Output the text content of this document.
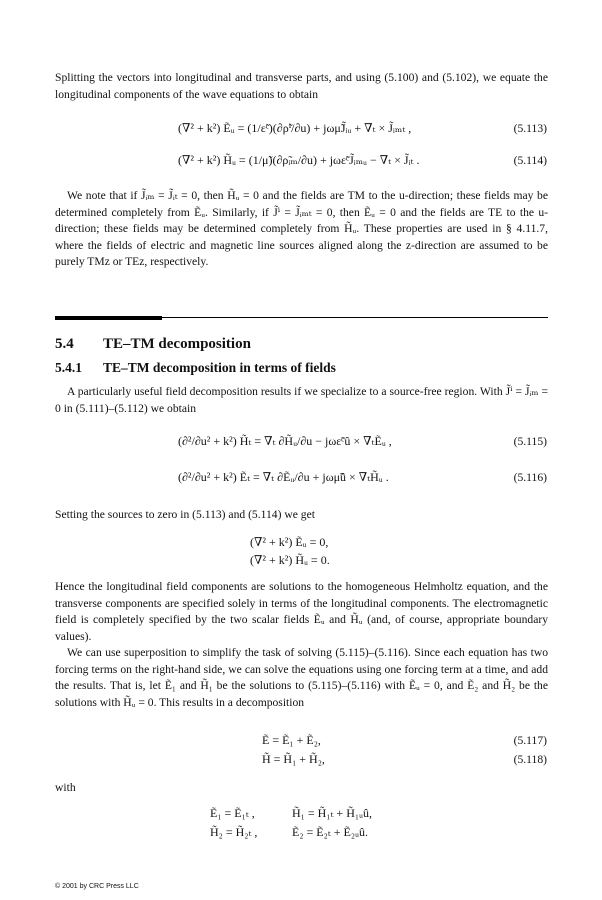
Splitting the vectors into longitudinal and transverse parts, and using (5.100) and (5.102), we equate the longitudinal components of the wave equations to obtain
(∇² + k²) Ẽᵤ = (1/ε̃ᶜ)(∂ρ̃ⁱ/∂u) + jωμ̃J̃ᵢᵤ + ∇ₜ × J̃ᵢₘₜ ,	(5.113)
(∇² + k²) H̃ᵤ = (1/μ̃)(∂ρ̃ᵢₘ/∂u) + jωε̃ᶜJ̃ᵢₘᵤ − ∇ₜ × J̃ᵢₜ .	(5.114)
We note that if J̃ᵢₘ = J̃ᵢₜ = 0, then H̃ᵤ = 0 and the fields are TM to the u-direction; these fields may be determined completely from Ẽᵤ. Similarly, if J̃ⁱ = J̃ᵢₘₜ = 0, then Ẽᵤ = 0 and the fields are TE to the u-direction; these fields may be determined completely from H̃ᵤ. These properties are used in § 4.11.7, where the fields of electric and magnetic line sources aligned along the z-direction are assumed to be purely TMz or TEz, respectively.
5.4 TE–TM decomposition
5.4.1 TE–TM decomposition in terms of fields
A particularly useful field decomposition results if we specialize to a source-free region. With J̃ⁱ = J̃ᵢₘ = 0 in (5.111)–(5.112) we obtain
(∂²/∂u² + k²) H̃ₜ = ∇ₜ ∂H̃ᵤ/∂u − jωε̃ᶜû × ∇ₜẼᵤ ,	(5.115)
(∂²/∂u² + k²) Ẽₜ = ∇ₜ ∂Ẽᵤ/∂u + jωμ̃û × ∇ₜH̃ᵤ .	(5.116)
Setting the sources to zero in (5.113) and (5.114) we get
(∇² + k²) Ẽᵤ = 0,
(∇² + k²) H̃ᵤ = 0.
Hence the longitudinal field components are solutions to the homogeneous Helmholtz equation, and the transverse components are specified solely in terms of the longitudinal components. The electromagnetic field is completely specified by the two scalar fields Ẽᵤ and H̃ᵤ (and, of course, appropriate boundary values).
We can use superposition to simplify the task of solving (5.115)–(5.116). Since each equation has two forcing terms on the right-hand side, we can solve the equations using one forcing term at a time, and add the results. That is, let Ẽ₁ and H̃₁ be the solutions to (5.115)–(5.116) with Ẽᵤ = 0, and Ẽ₂ and H̃₂ be the solutions with H̃ᵤ = 0. This results in a decomposition
Ẽ = Ẽ₁ + Ẽ₂,	(5.117)
H̃ = H̃₁ + H̃₂,	(5.118)
with
Ẽ₁ = Ẽ₁ₜ ,	H̃₁ = H̃₁ₜ + H̃₁ᵤû,
H̃₂ = H̃₂ₜ ,	Ẽ₂ = Ẽ₂ₜ + Ẽ₂ᵤû.
© 2001 by CRC Press LLC
